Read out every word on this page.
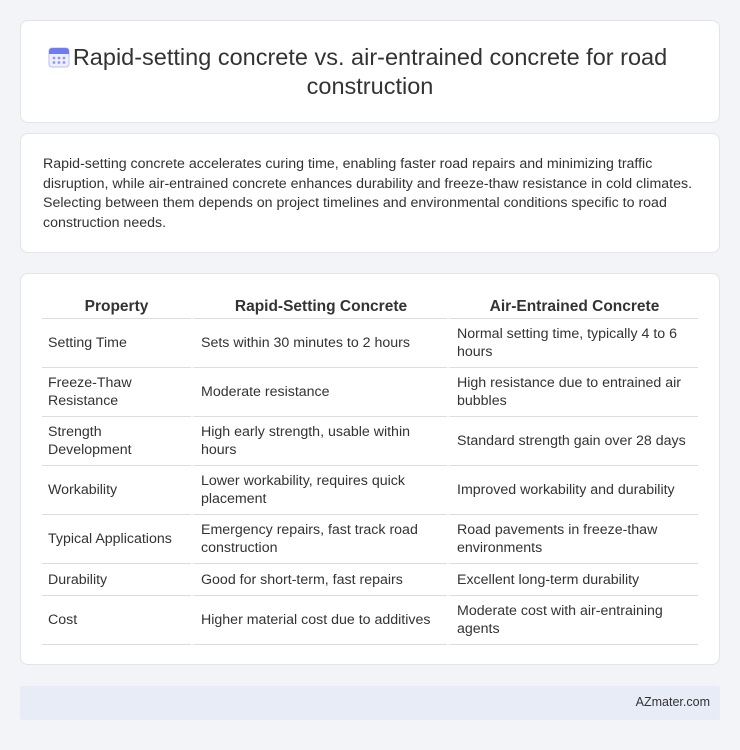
Rapid-setting concrete vs. air-entrained concrete for road construction

Rapid-setting concrete accelerates curing time, enabling faster road repairs and minimizing traffic disruption, while air-entrained concrete enhances durability and freeze-thaw resistance in cold climates. Selecting between them depends on project timelines and environmental conditions specific to road construction needs.

Property	Rapid-Setting Concrete	Air-Entrained Concrete
Setting Time	Sets within 30 minutes to 2 hours	Normal setting time, typically 4 to 6 hours
Freeze-Thaw Resistance	Moderate resistance	High resistance due to entrained air bubbles
Strength Development	High early strength, usable within hours	Standard strength gain over 28 days
Workability	Lower workability, requires quick placement	Improved workability and durability
Typical Applications	Emergency repairs, fast track road construction	Road pavements in freeze-thaw environments
Durability	Good for short-term, fast repairs	Excellent long-term durability
Cost	Higher material cost due to additives	Moderate cost with air-entraining agents
AZmater.com
